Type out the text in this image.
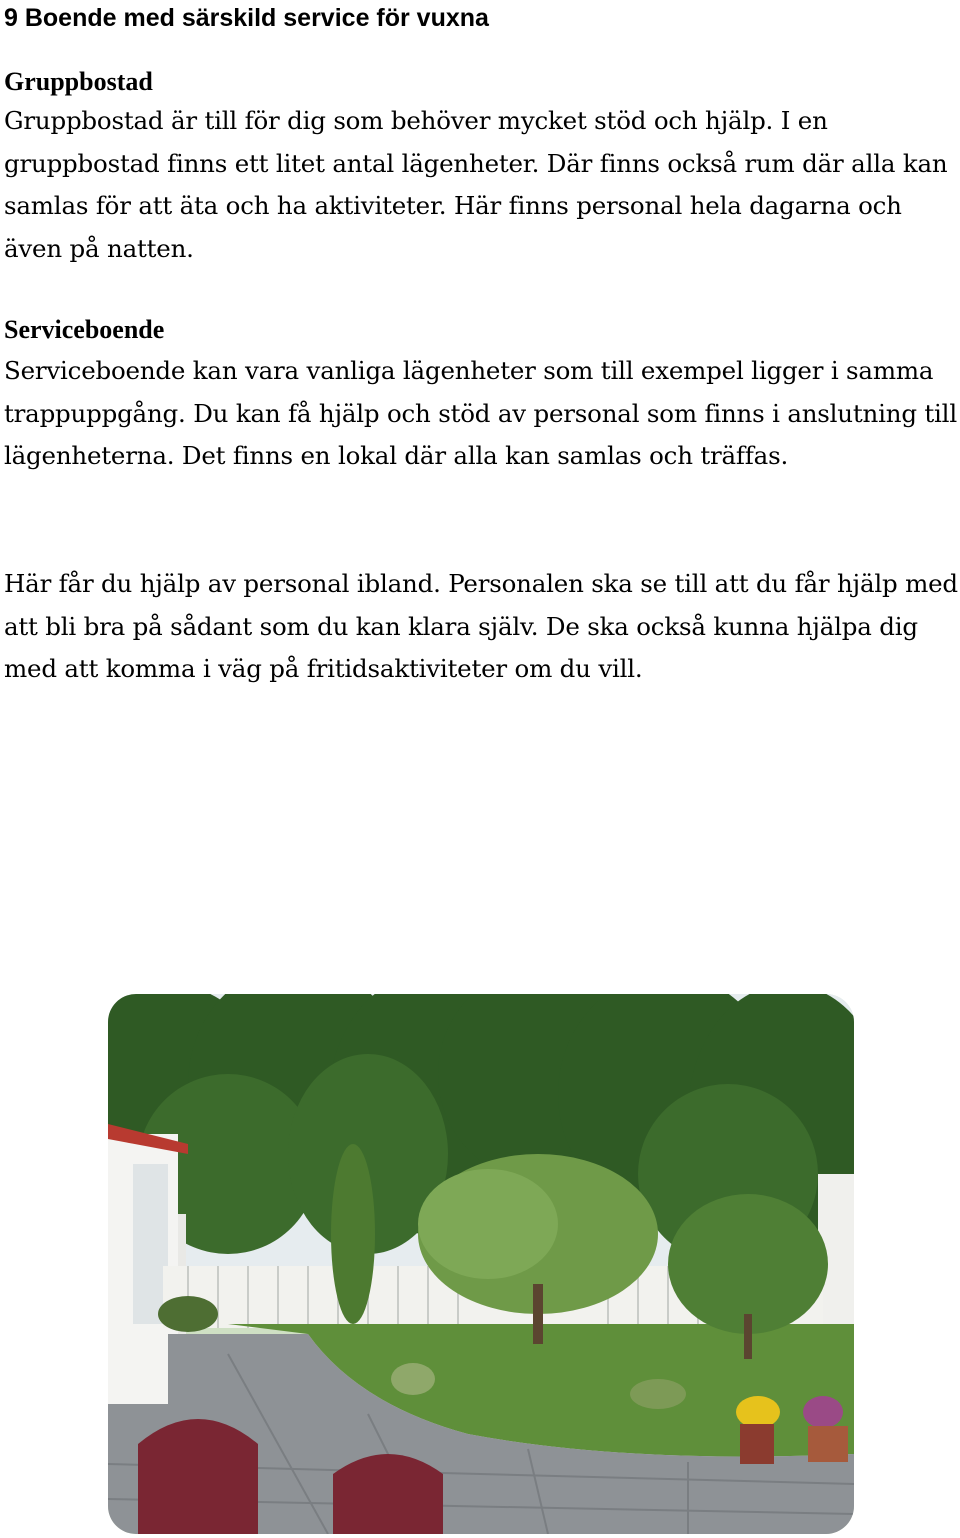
9 Boende med särskild service för vuxna
Gruppbostad

Gruppbostad är till för dig som behöver mycket stöd och hjälp. I en gruppbostad finns ett litet antal lägenheter. Där finns också rum där alla kan samlas för att äta och ha aktiviteter. Här finns personal hela dagarna och även på natten.

Serviceboende

Serviceboende kan vara vanliga lägenheter som till exempel ligger i samma trappuppgång. Du kan få hjälp och stöd av personal som finns i anslutning till lägenheterna. Det finns en lokal där alla kan samlas och träffas.

Här får du hjälp av personal ibland. Personalen ska se till att du får hjälp med att bli bra på sådant som du kan klara själv. De ska också kunna hjälpa dig med att komma i väg på fritidsaktiviteter om du vill.
